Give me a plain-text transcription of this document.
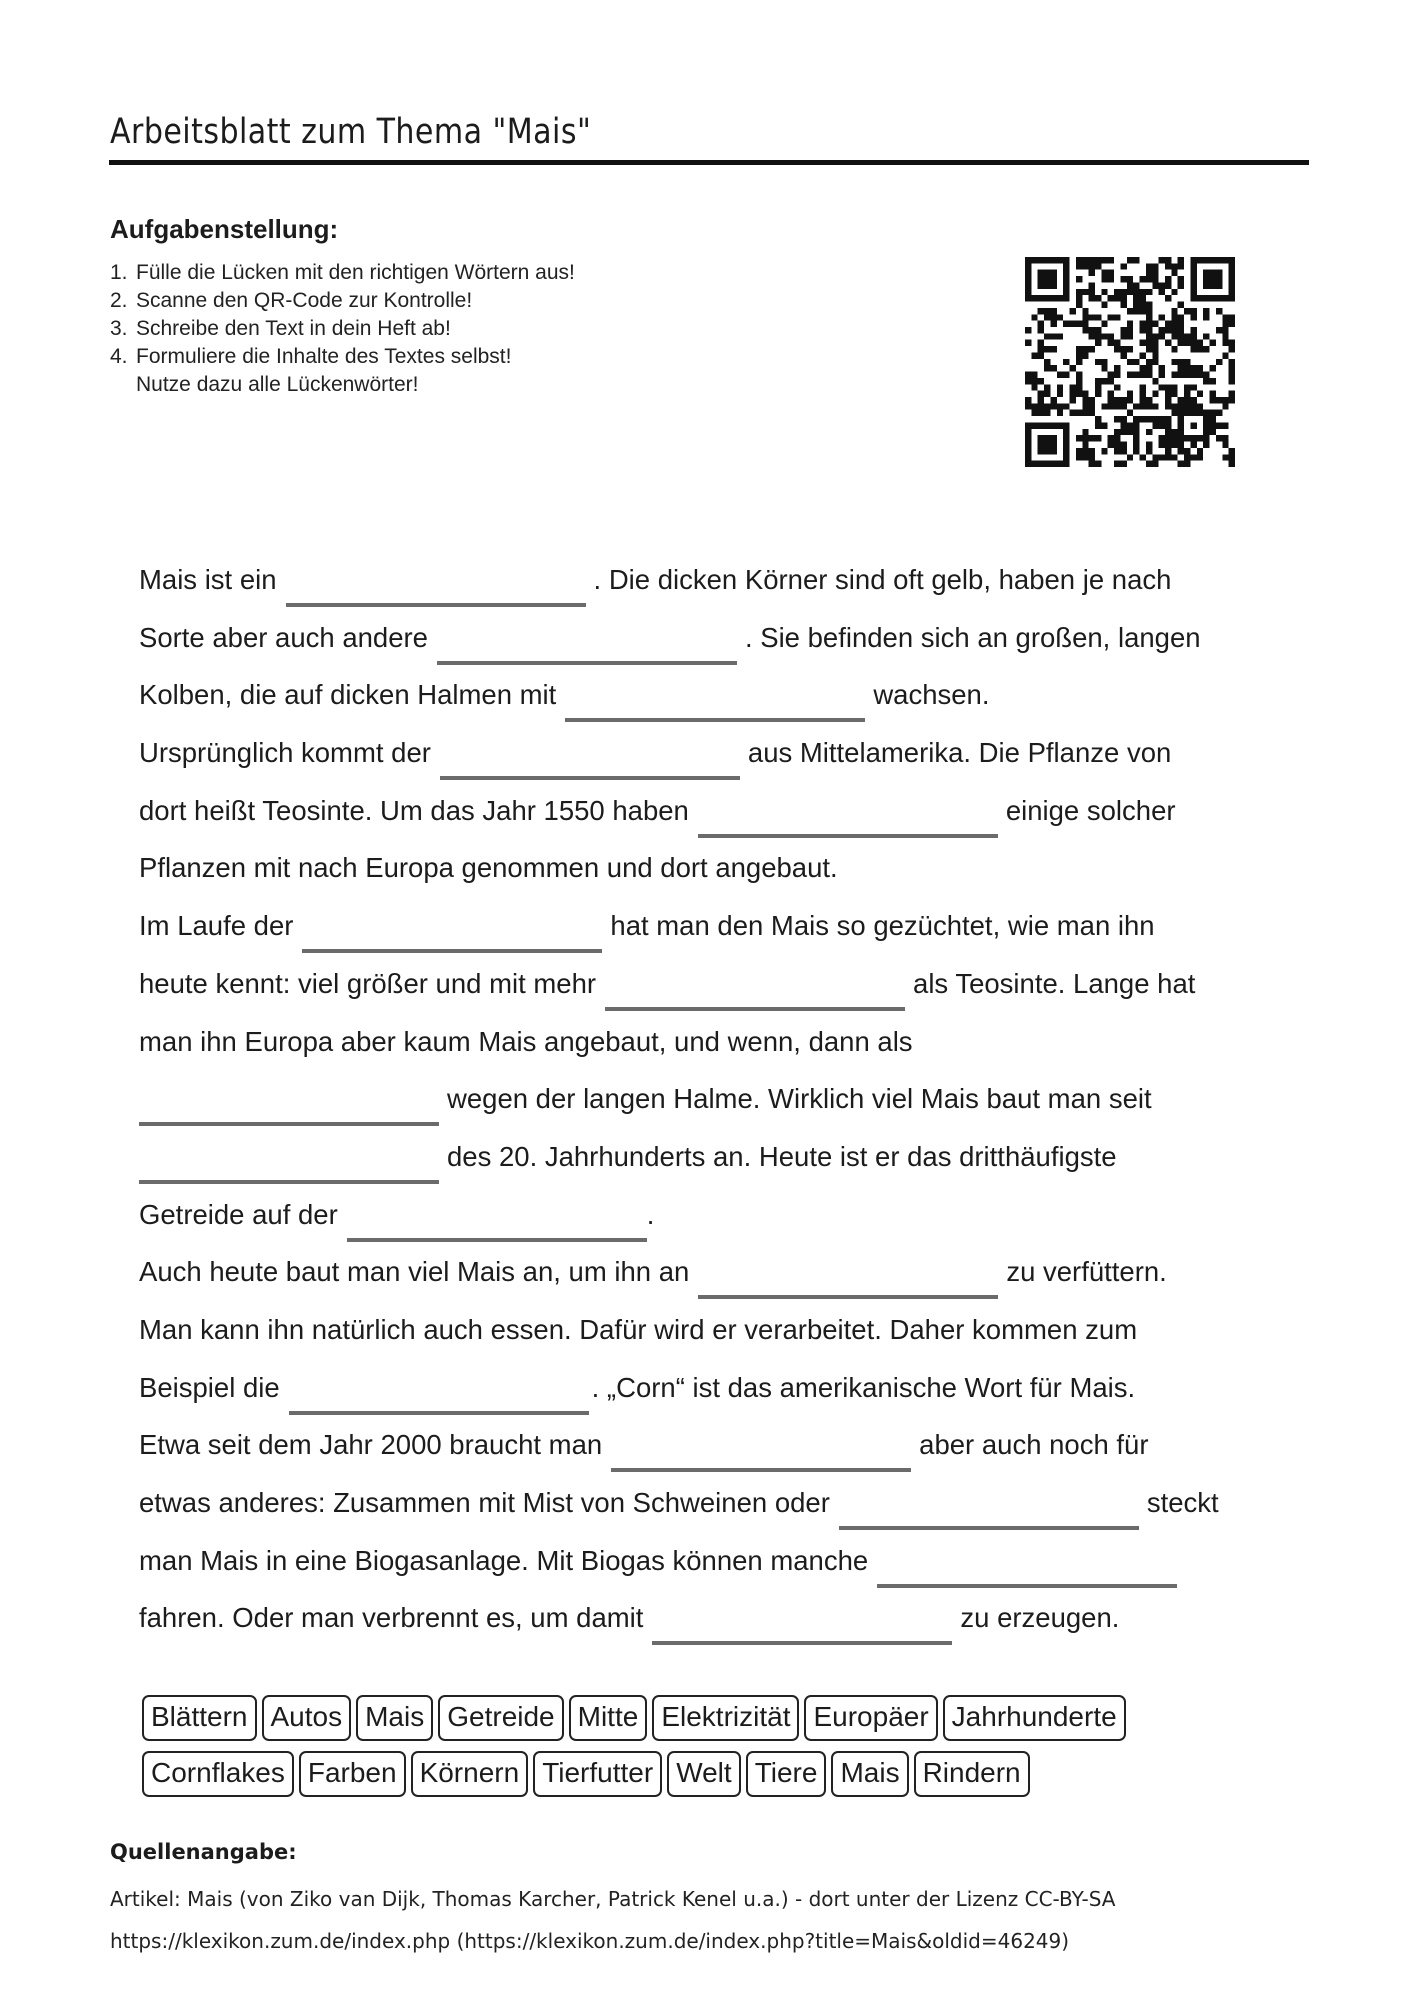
Arbeitsblatt zum Thema "Mais"
Aufgabenstellung:
1. Fülle die Lücken mit den richtigen Wörtern aus!
2. Scanne den QR-Code zur Kontrolle!
3. Schreibe den Text in dein Heft ab!
4. Formuliere die Inhalte des Textes selbst!
Nutze dazu alle Lückenwörter!
Mais ist ein	. Die dicken Körner sind oft gelb, haben je nach
Sorte aber auch andere	. Sie befinden sich an großen, langen
Kolben, die auf dicken Halmen mit	wachsen.
Ursprünglich kommt der	aus Mittelamerika. Die Pflanze von
dort heißt Teosinte. Um das Jahr 1550 haben	einige solcher
Pflanzen mit nach Europa genommen und dort angebaut.
Im Laufe der	hat man den Mais so gezüchtet, wie man ihn
heute kennt: viel größer und mit mehr	als Teosinte. Lange hat
man ihn Europa aber kaum Mais angebaut, und wenn, dann als
wegen der langen Halme. Wirklich viel Mais baut man seit
des 20. Jahrhunderts an. Heute ist er das dritthäufigste
Getreide auf der	.
Auch heute baut man viel Mais an, um ihn an	zu verfüttern.
Man kann ihn natürlich auch essen. Dafür wird er verarbeitet. Daher kommen zum
Beispiel die	. „Corn“ ist das amerikanische Wort für Mais.
Etwa seit dem Jahr 2000 braucht man	aber auch noch für
etwas anderes: Zusammen mit Mist von Schweinen oder	steckt
man Mais in eine Biogasanlage. Mit Biogas können manche
fahren. Oder man verbrennt es, um damit	zu erzeugen.
Blättern Autos Mais Getreide Mitte Elektrizität Europäer Jahrhunderte
Cornflakes Farben Körnern Tierfutter Welt Tiere Mais Rindern
Quellenangabe:
Artikel: Mais (von Ziko van Dijk, Thomas Karcher, Patrick Kenel u.a.) - dort unter der Lizenz CC-BY-SA
https://klexikon.zum.de/index.php (https://klexikon.zum.de/index.php?title=Mais&oldid=46249)
